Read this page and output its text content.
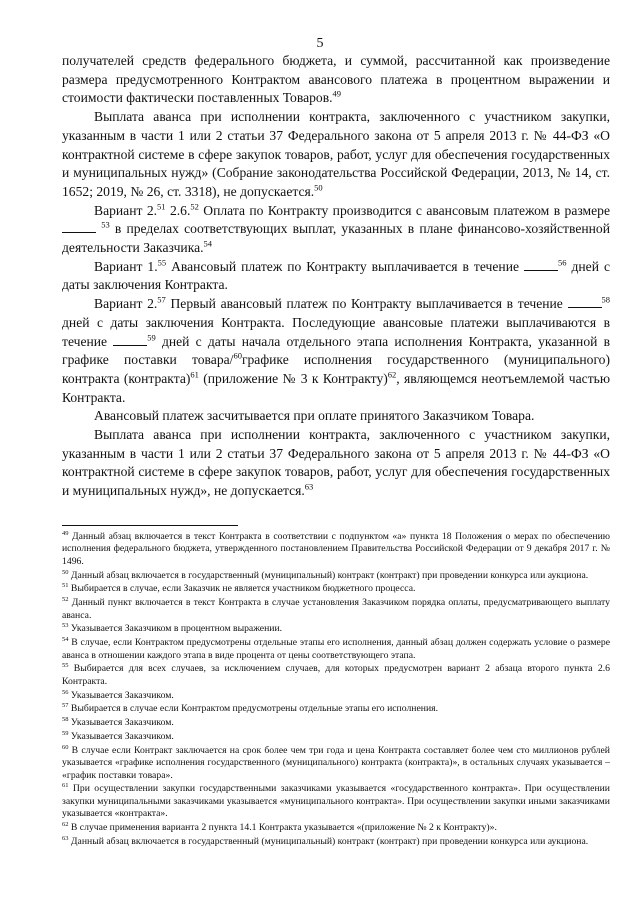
5

получателей средств федерального бюджета, и суммой, рассчитанной как произведение размера предусмотренного Контрактом авансового платежа в процентном выражении и стоимости фактически поставленных Товаров.$^{49}$

Выплата аванса при исполнении контракта, заключенного с участником закупки, указанным в части 1 или 2 статьи 37 Федерального закона от 5 апреля 2013 г. № 44-ФЗ «О контрактной системе в сфере закупок товаров, работ, услуг для обеспечения государственных и муниципальных нужд» (Собрание законодательства Российской Федерации, 2013, № 14, ст. 1652; 2019, № 26, ст. 3318), не допускается.$^{50}$

Вариант 2.51 2.6.52 Оплата по Контракту производится с авансовым платежом в размере  $^{53}$ в пределах соответствующих выплат, указанных в плане финансово-хозяйственной деятельности Заказчика.$^{54}$

Вариант 1.55 Авансовый платеж по Контракту выплачивается в течение	$^{56}$ дней с даты заключения Контракта.

Вариант 2.57 Первый авансовый платеж по Контракту выплачивается в течение	$^{58}$ дней с даты заключения Контракта. Последующие авансовые платежи выплачиваются в течение	$^{59}$ дней с даты начала отдельного этапа исполнения Контракта, указанной в графике поставки товара/$^{60}$графике исполнения государственного (муниципального) контракта (контракта)$^{61}$ (приложение № 3 к Контракту)$^{62}$, являющемся неотъемлемой частью Контракта.

Авансовый платеж засчитывается при оплате принятого Заказчиком Товара.

Выплата аванса при исполнении контракта, заключенного с участником закупки, указанным в части 1 или 2 статьи 37 Федерального закона от 5 апреля 2013 г. № 44-ФЗ «О контрактной системе в сфере закупок товаров, работ, услуг для обеспечения государственных и муниципальных нужд», не допускается.$^{63}$

$^{49}$ Данный абзац включается в текст Контракта в соответствии с подпунктом «а» пункта 18 Положения о мерах по обеспечению исполнения федерального бюджета, утвержденного постановлением Правительства Российской Федерации от 9 декабря 2017 г. № 1496.

$^{50}$ Данный абзац включается в государственный (муниципальный) контракт (контракт) при проведении конкурса или аукциона.

$^{51}$ Выбирается в случае, если Заказчик не является участником бюджетного процесса.

$^{52}$ Данный пункт включается в текст Контракта в случае установления Заказчиком порядка оплаты, предусматривающего выплату аванса.

$^{53}$ Указывается Заказчиком в процентном выражении.

$^{54}$ В случае, если Контрактом предусмотрены отдельные этапы его исполнения, данный абзац должен содержать условие о размере аванса в отношении каждого этапа в виде процента от цены соответствующего этапа.

$^{55}$ Выбирается для всех случаев, за исключением случаев, для которых предусмотрен вариант 2 абзаца второго пункта 2.6 Контракта.

$^{56}$ Указывается Заказчиком.

$^{57}$ Выбирается в случае если Контрактом предусмотрены отдельные этапы его исполнения.

$^{58}$ Указывается Заказчиком.

$^{59}$ Указывается Заказчиком.

$^{60}$ В случае если Контракт заключается на срок более чем три года и цена Контракта составляет более чем сто миллионов рублей указывается «графике исполнения государственного (муниципального) контракта (контракта)», в остальных случаях указывается – «график поставки товара».

$^{61}$ При осуществлении закупки государственными заказчиками указывается «государственного контракта». При осуществлении закупки муниципальными заказчиками указывается «муниципального контракта». При осуществлении закупки иными заказчиками указывается «контракта».

$^{62}$ В случае применения варианта 2 пункта 14.1 Контракта указывается «(приложение № 2 к Контракту)».

$^{63}$ Данный абзац включается в государственный (муниципальный) контракт (контракт) при проведении конкурса или аукциона.
